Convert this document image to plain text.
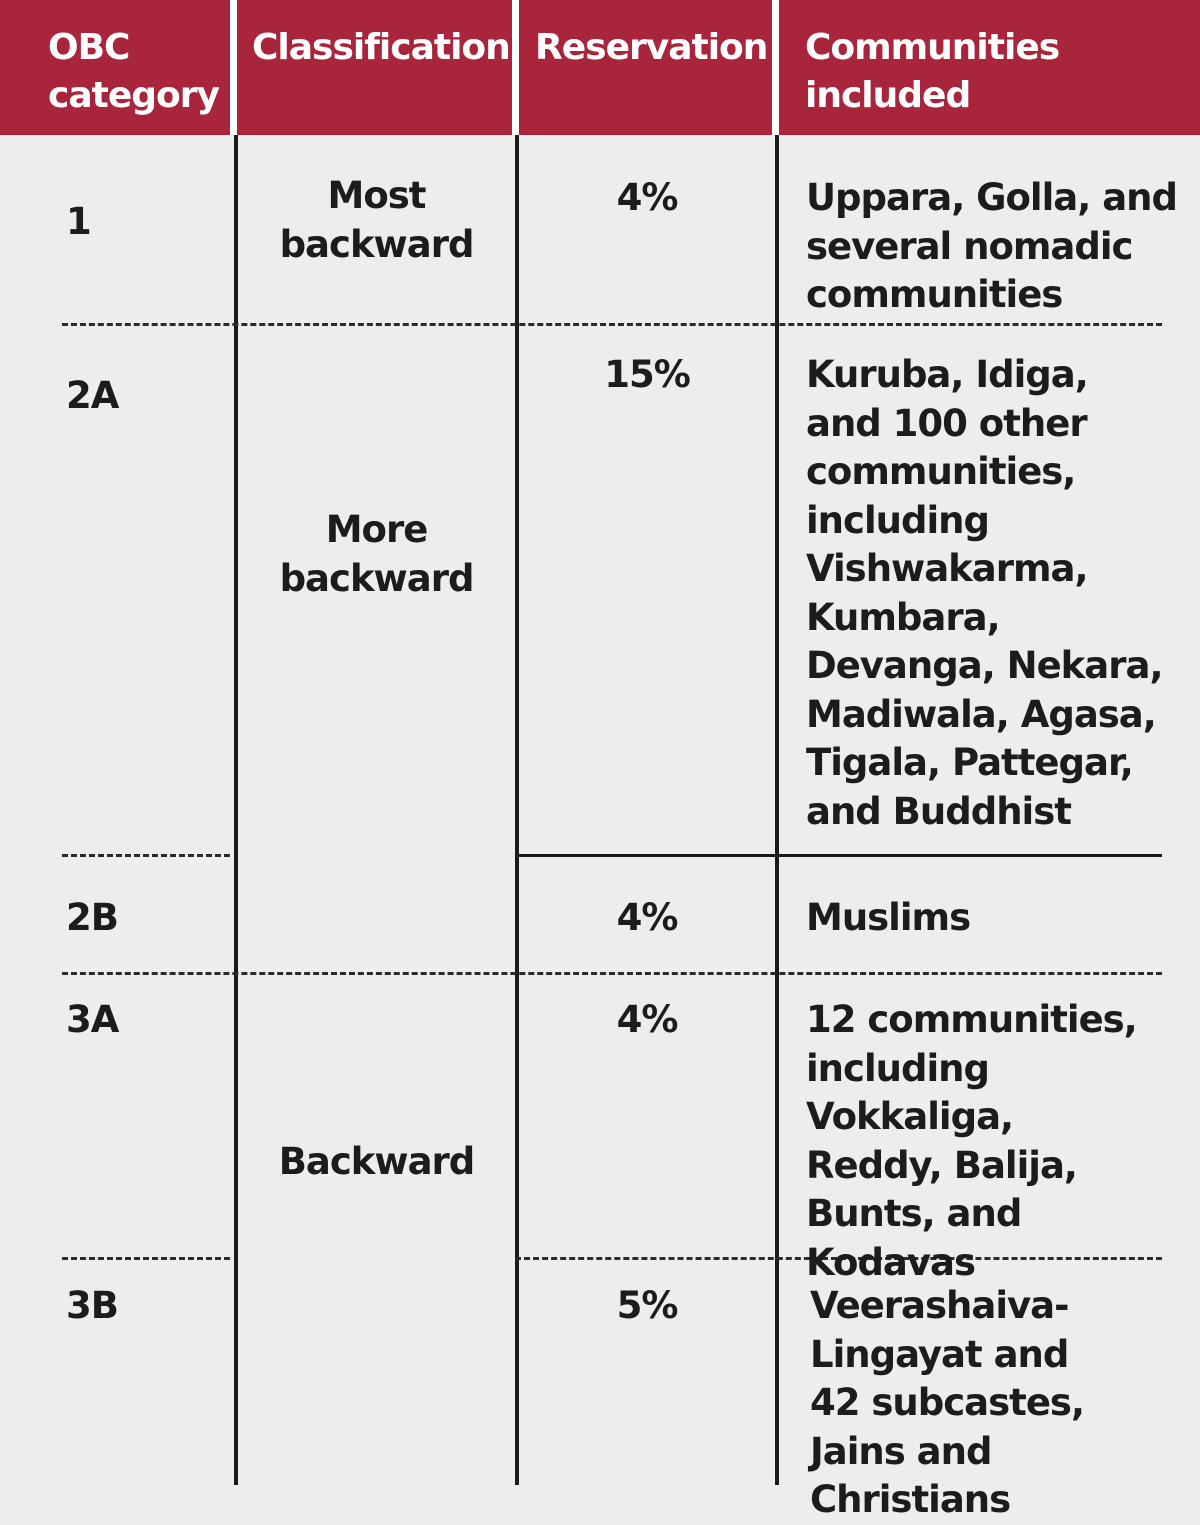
OBC
category
Classification Reservation Communities
included
1
2A
2B
3A
3B
Most
backward
More
backward
Backward
4%
15%
4%
4%
5%
Uppara, Golla, and
several nomadic
communities
Kuruba, Idiga,
and 100 other
communities,
including
Vishwakarma,
Kumbara,
Devanga, Nekara,
Madiwala, Agasa,
Tigala, Pattegar,
and Buddhist
Muslims
12 communities,
including
Vokkaliga,
Reddy, Balija,
Bunts, and Kodavas
Veerashaiva-
Lingayat and
42 subcastes,
Jains and Christians
